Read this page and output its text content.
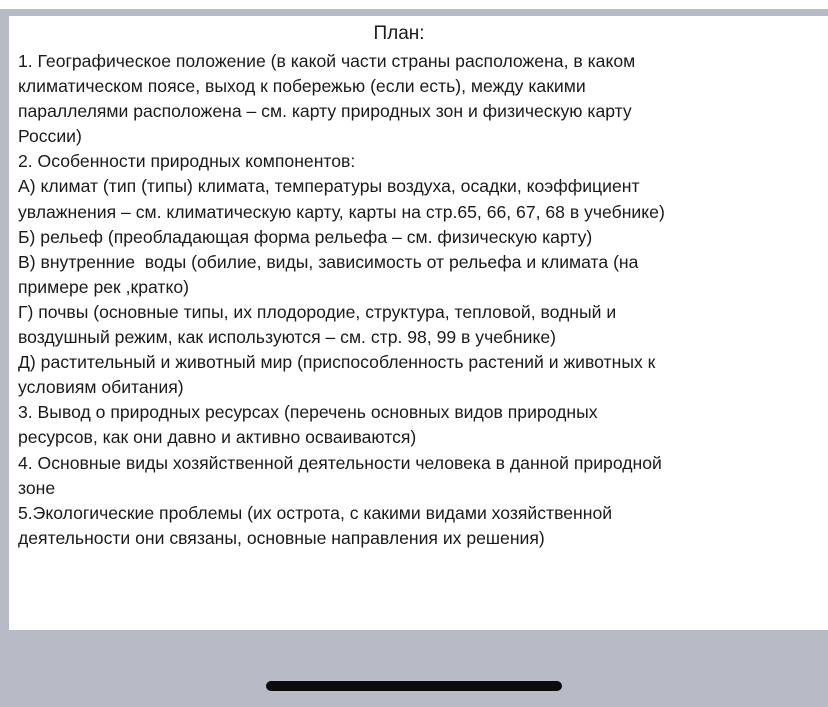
План:
1. Географическое положение (в какой части страны расположена, в каком
климатическом поясе, выход к побережью (если есть), между какими
параллелями расположена – см. карту природных зон и физическую карту
России)
2. Особенности природных компонентов:
А) климат (тип (типы) климата, температуры воздуха, осадки, коэффициент
увлажнения – см. климатическую карту, карты на стр.65, 66, 67, 68 в учебнике)
Б) рельеф (преобладающая форма рельефа – см. физическую карту)
В) внутренние  воды (обилие, виды, зависимость от рельефа и климата (на
примере рек ,кратко)
Г) почвы (основные типы, их плодородие, структура, тепловой, водный и
воздушный режим, как используются – см. стр. 98, 99 в учебнике)
Д) растительный и животный мир (приспособленность растений и животных к
условиям обитания)
3. Вывод о природных ресурсах (перечень основных видов природных
ресурсов, как они давно и активно осваиваются)
4. Основные виды хозяйственной деятельности человека в данной природной
зоне
5.Экологические проблемы (их острота, с какими видами хозяйственной
деятельности они связаны, основные направления их решения)
